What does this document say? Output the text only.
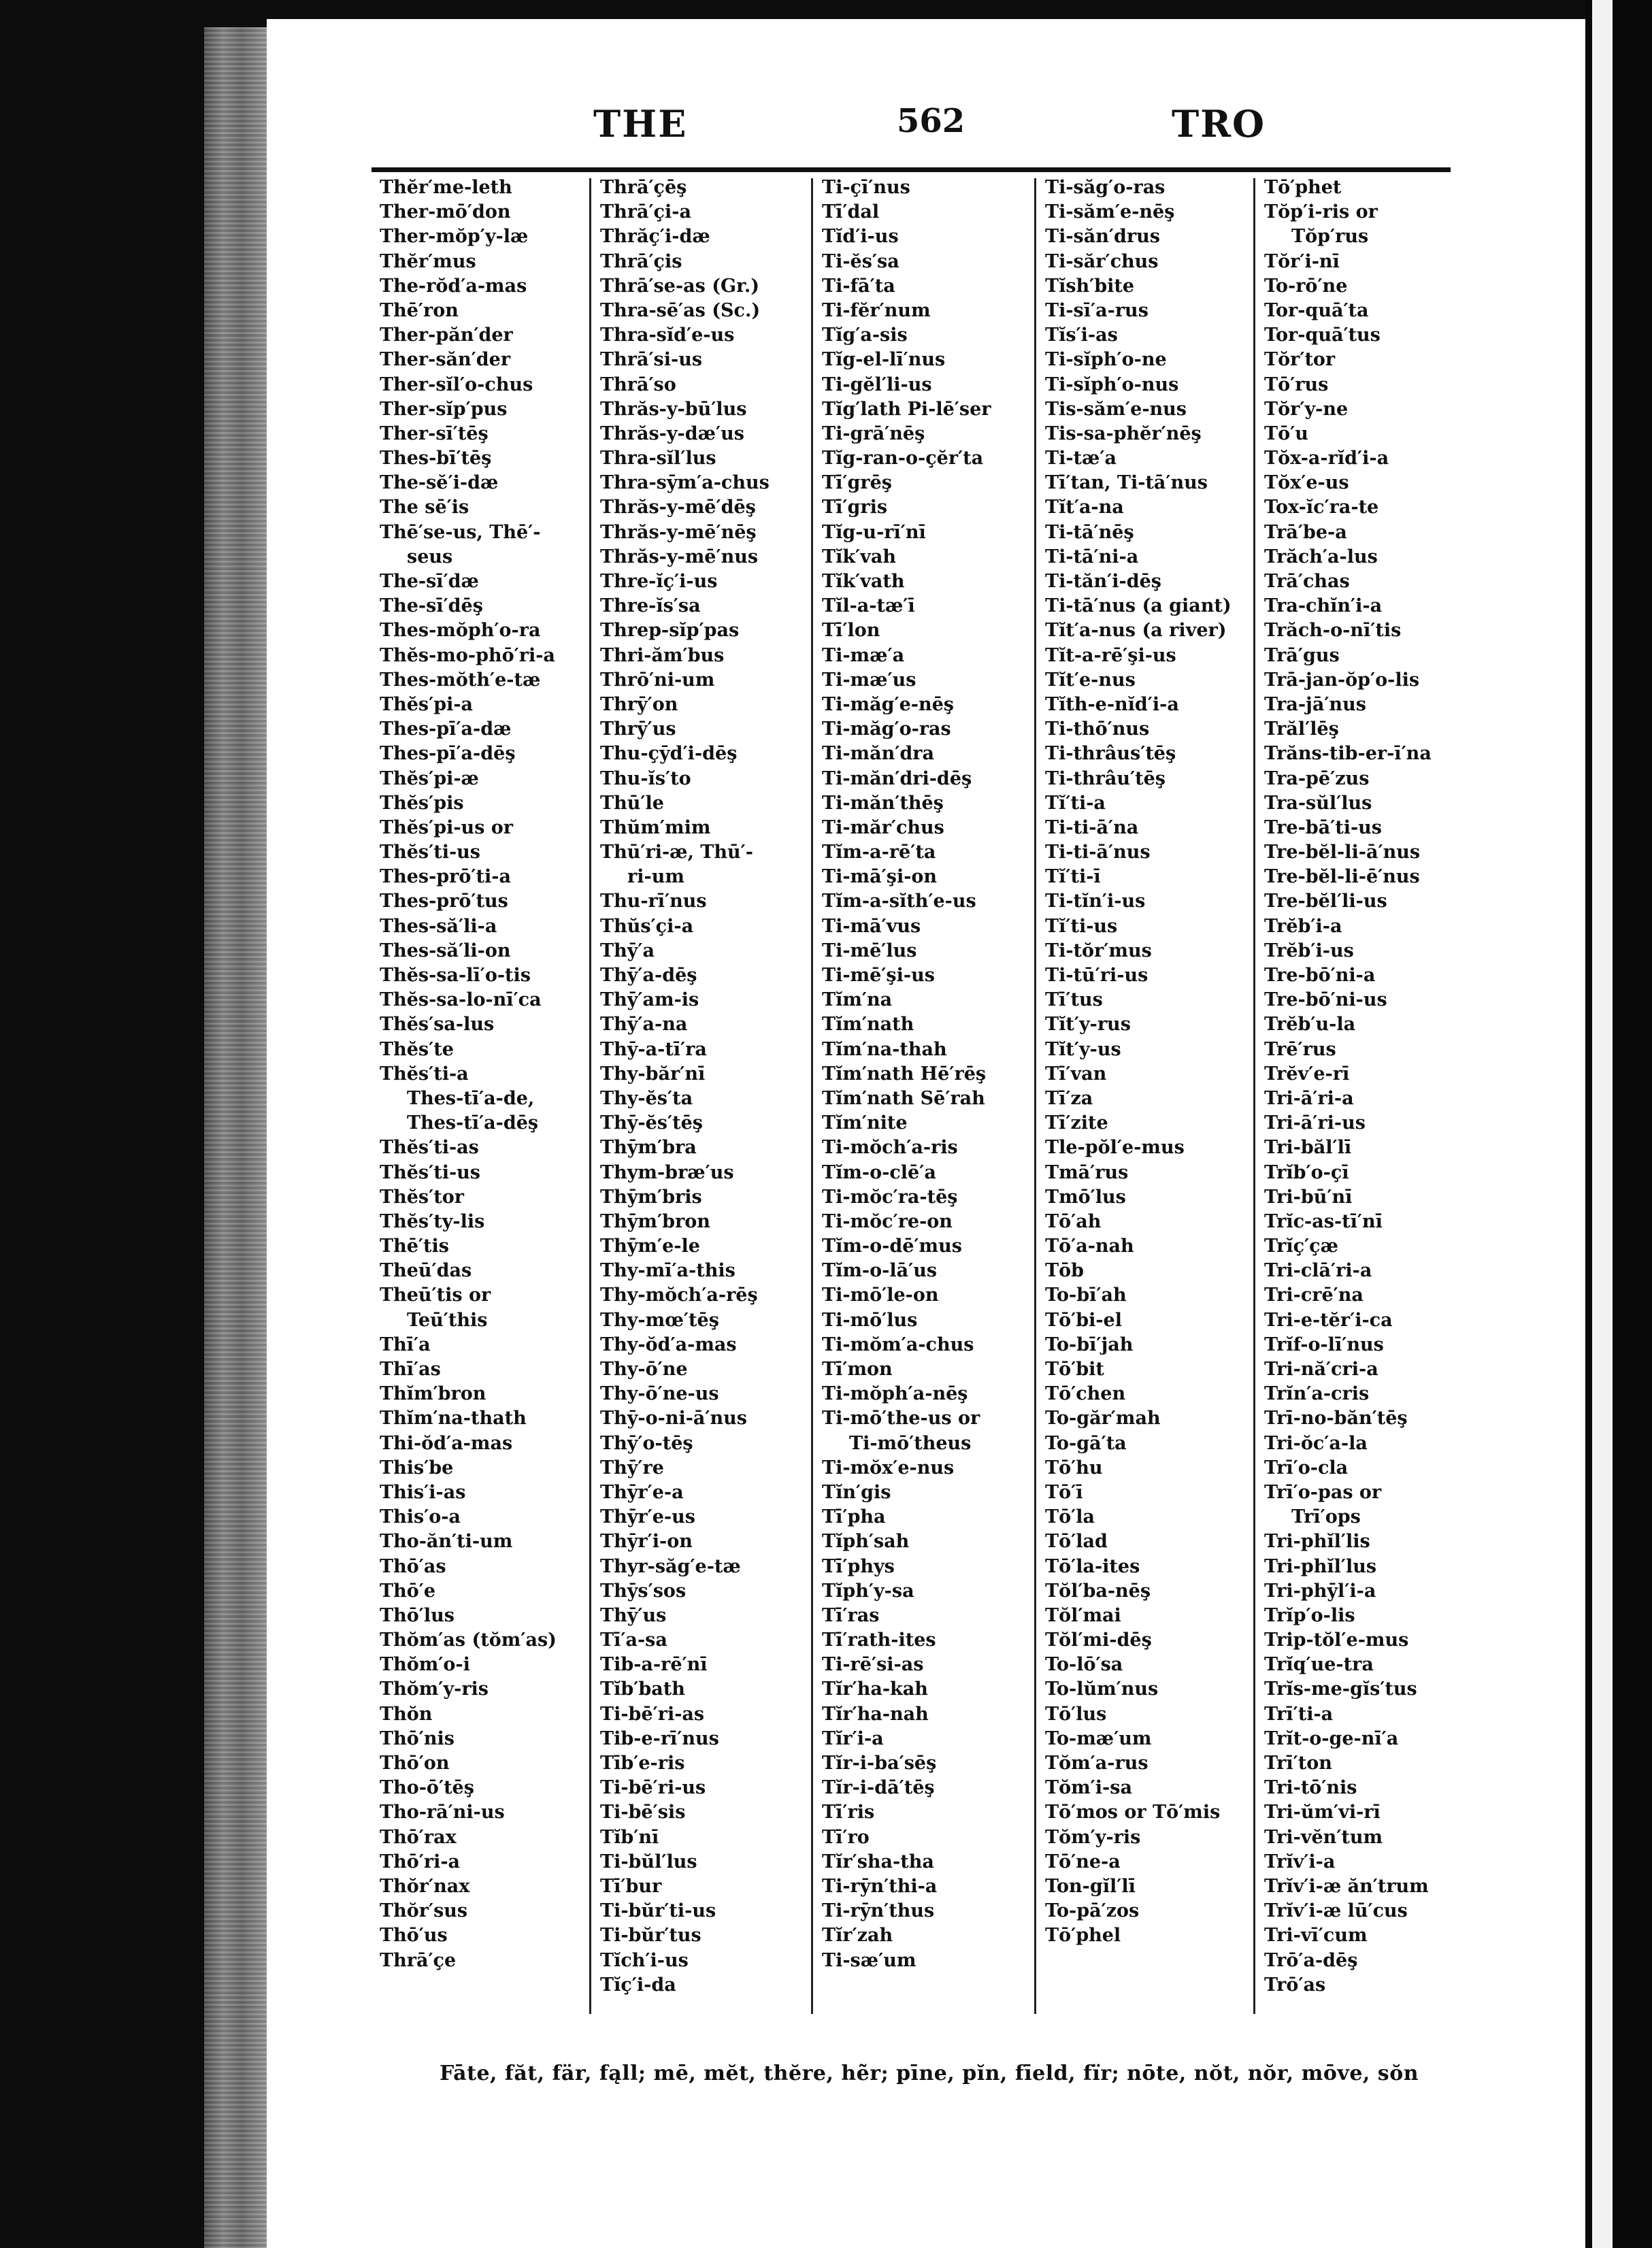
THE	562	TRO
Thĕr′me-leth
Ther-mō′don
Ther-mŏp′y-læ
Thĕr′mus
The-rŏd′a-mas
Thē′ron
Ther-păn′der
Ther-săn′der
Ther-sĭl′o-chus
Ther-sĭp′pus
Ther-sī′tēş
Thes-bī′tēş
The-sĕ′i-dæ
The sē′is
Thē′se-us, Thē′-
seus
The-sī′dæ
The-sī′dēş
Thes-mŏph′o-ra
Thĕs-mo-phō′ri-a
Thes-mŏth′e-tæ
Thĕs′pi-a
Thes-pī′a-dæ
Thes-pī′a-dēş
Thĕs′pi-æ
Thĕs′pis
Thĕs′pi-us or
Thĕs′ti-us
Thes-prō′ti-a
Thes-prō′tus
Thes-să′li-a
Thes-să′li-on
Thĕs-sa-lī′o-tis
Thĕs-sa-lo-nī′ca
Thĕs′sa-lus
Thĕs′te
Thĕs′ti-a
Thes-tī′a-de,
Thes-tī′a-dēş
Thĕs′ti-as
Thĕs′ti-us
Thĕs′tor
Thĕs′ty-lis
Thē′tis
Theū′das
Theū′tis or
Teū′this
Thī′a
Thī′as
Thĭm′bron
Thĭm′na-thath
Thi-ŏd′a-mas
This′be
This′i-as
This′o-a
Tho-ăn′ti-um
Thō′as
Thō′e
Thō′lus
Thŏm′as (tŏm′as)
Thŏm′o-i
Thŏm′y-ris
Thŏn
Thō′nis
Thō′on
Tho-ō′tēş
Tho-rā′ni-us
Thō′rax
Thō′ri-a
Thŏr′nax
Thŏr′sus
Thō′us
Thrā′çe
Thrā′çēş
Thrā′çi-a
Thrăç′i-dæ
Thrā′çis
Thrā′se-as (Gr.)
Thra-sē′as (Sc.)
Thra-sĭd′e-us
Thrā′si-us
Thrā′so
Thrăs-y-bū′lus
Thrăs-y-dæ′us
Thra-sĭl′lus
Thra-sȳm′a-chus
Thrăs-y-mē′dēş
Thrăs-y-mē′nēş
Thrăs-y-mē′nus
Thre-ĭç′i-us
Thre-ĭs′sa
Threp-sĭp′pas
Thri-ăm′bus
Thrō′ni-um
Thrȳ′on
Thrȳ′us
Thu-çȳd′i-dēş
Thu-ĭs′to
Thū′le
Thŭm′mim
Thū′ri-æ, Thū′-
ri-um
Thu-rī′nus
Thŭs′çi-a
Thȳ′a
Thȳ′a-dēş
Thȳ′am-is
Thȳ′a-na
Thȳ-a-tī′ra
Thy-băr′nī
Thy-ĕs′ta
Thȳ-ĕs′tēş
Thȳm′bra
Thym-bræ′us
Thȳm′bris
Thȳm′bron
Thȳm′e-le
Thy-mī′a-this
Thy-mŏch′a-rēş
Thy-mœ′tēş
Thy-ŏd′a-mas
Thy-ō′ne
Thy-ō′ne-us
Thȳ-o-ni-ā′nus
Thȳ′o-tēş
Thȳ′re
Thȳr′e-a
Thȳr′e-us
Thȳr′i-on
Thyr-săg′e-tæ
Thȳs′sos
Thȳ′us
Tī′a-sa
Tib-a-rē′nī
Tĭb′bath
Ti-bē′ri-as
Tib-e-rī′nus
Tīb′e-ris
Ti-bē′ri-us
Ti-bē′sis
Tĭb′nī
Ti-bŭl′lus
Tī′bur
Ti-bŭr′ti-us
Ti-bŭr′tus
Tĭch′i-us
Tĭç′i-da
Ti-çī′nus
Tī′dal
Tĭd′i-us
Ti-ĕs′sa
Ti-fā′ta
Ti-fĕr′num
Tĭg′a-sis
Tĭg-el-lī′nus
Ti-gĕl′li-us
Tĭg′lath Pi-lē′ser
Ti-grā′nēş
Tĭg-ran-o-çĕr′ta
Tī′grēş
Tī′gris
Tĭg-u-rī′nī
Tĭk′vah
Tĭk′vath
Tĭl-a-tæ′ī
Tī′lon
Ti-mæ′a
Ti-mæ′us
Ti-măg′e-nēş
Ti-măg′o-ras
Ti-măn′dra
Ti-măn′dri-dēş
Ti-măn′thēş
Ti-măr′chus
Tĭm-a-rē′ta
Ti-mā′şi-on
Tĭm-a-sĭth′e-us
Ti-mā′vus
Ti-mē′lus
Ti-mē′şi-us
Tĭm′na
Tĭm′nath
Tĭm′na-thah
Tĭm′nath Hē′rēş
Tĭm′nath Sē′rah
Tĭm′nite
Ti-mŏch′a-ris
Tĭm-o-clē′a
Ti-mŏc′ra-tēş
Ti-mŏc′re-on
Tĭm-o-dē′mus
Tĭm-o-lā′us
Ti-mō′le-on
Ti-mō′lus
Ti-mŏm′a-chus
Tī′mon
Ti-mŏph′a-nēş
Ti-mō′the-us or
Ti-mō′theus
Ti-mŏx′e-nus
Tĭn′gis
Tī′pha
Tĭph′sah
Tī′phys
Tĭph′y-sa
Tī′ras
Tī′rath-ites
Ti-rē′si-as
Tĭr′ha-kah
Tĭr′ha-nah
Tĭr′i-a
Tĭr-i-ba′sēş
Tĭr-i-dā′tēş
Tī′ris
Tī′ro
Tĭr′sha-tha
Ti-rȳn′thi-a
Ti-rȳn′thus
Tĭr′zah
Ti-sæ′um
Ti-săg′o-ras
Ti-săm′e-nēş
Ti-săn′drus
Ti-săr′chus
Tĭsh′bite
Ti-sī′a-rus
Tĭs′i-as
Ti-sĭph′o-ne
Ti-sĭph′o-nus
Tis-săm′e-nus
Tis-sa-phĕr′nēş
Ti-tæ′a
Tī′tan, Ti-tā′nus
Tĭt′a-na
Ti-tā′nēş
Ti-tā′ni-a
Ti-tăn′i-dēş
Ti-tā′nus (a giant)
Tĭt′a-nus (a river)
Tĭt-a-rē′şi-us
Tĭt′e-nus
Tĭth-e-nĭd′i-a
Ti-thō′nus
Ti-thrâus′tēş
Ti-thrâu′tēş
Tĭ′ti-a
Ti-ti-ā′na
Ti-ti-ā′nus
Tĭ′ti-ī
Ti-tĭn′i-us
Tĭ′ti-us
Ti-tŏr′mus
Ti-tū′ri-us
Tī′tus
Tĭt′y-rus
Tĭt′y-us
Tī′van
Tī′za
Tī′zite
Tle-pŏl′e-mus
Tmā′rus
Tmō′lus
Tō′ah
Tō′a-nah
Tōb
To-bī′ah
Tō′bi-el
To-bī′jah
Tō′bit
Tō′chen
To-găr′mah
To-gā′ta
Tō′hu
Tō′ī
Tō′la
Tō′lad
Tō′la-ites
Tŏl′ba-nēş
Tŏl′mai
Tŏl′mi-dēş
To-lō′sa
To-lŭm′nus
Tō′lus
To-mæ′um
Tŏm′a-rus
Tŏm′i-sa
Tō′mos or Tō′mis
Tŏm′y-ris
Tō′ne-a
Ton-gĭl′lī
To-pā′zos
Tō′phel
Tō′phet
Tŏp′i-ris or
Tŏp′rus
Tŏr′i-nī
To-rō′ne
Tor-quā′ta
Tor-quā′tus
Tŏr′tor
Tō′rus
Tŏr′y-ne
Tō′u
Tŏx-a-rĭd′i-a
Tŏx′e-us
Tox-ĭc′ra-te
Trā′be-a
Trăch′a-lus
Trā′chas
Tra-chĭn′i-a
Trăch-o-nī′tis
Trā′gus
Trā-jan-ŏp′o-lis
Tra-jā′nus
Trăl′lēş
Trăns-tib-er-ī′na
Tra-pē′zus
Tra-sŭl′lus
Tre-bā′ti-us
Tre-bĕl-li-ā′nus
Tre-bĕl-li-ē′nus
Tre-bĕl′li-us
Trĕb′i-a
Trĕb′i-us
Tre-bō′ni-a
Tre-bō′ni-us
Trĕb′u-la
Trē′rus
Trĕv′e-rī
Tri-ā′ri-a
Tri-ā′ri-us
Tri-băl′lī
Trĭb′o-çī
Tri-bū′nī
Trĭc-as-tī′nī
Trĭç′çæ
Tri-clā′ri-a
Tri-crē′na
Tri-e-tĕr′i-ca
Trĭf-o-lī′nus
Tri-nă′cri-a
Trĭn′a-cris
Trī-no-băn′tēş
Tri-ŏc′a-la
Trī′o-cla
Trī′o-pas or
Trī′ops
Tri-phĭl′lis
Tri-phĭl′lus
Tri-phȳl′i-a
Trĭp′o-lis
Trip-tŏl′e-mus
Trĭq′ue-tra
Trĭs-me-gĭs′tus
Trī′ti-a
Trĭt-o-ge-nī′a
Trī′ton
Tri-tō′nis
Tri-ŭm′vi-rī
Tri-vĕn′tum
Trĭv′i-a
Trĭv′i-æ ăn′trum
Trĭv′i-æ lū′cus
Tri-vī′cum
Trō′a-dēş
Trō′as
Fāte, făt, fär, fąll; mē, mĕt, thĕre, hẽr; pīne, pĭn, fīeld, fïr; nōte, nŏt, nŏr, mōve, sŏn
